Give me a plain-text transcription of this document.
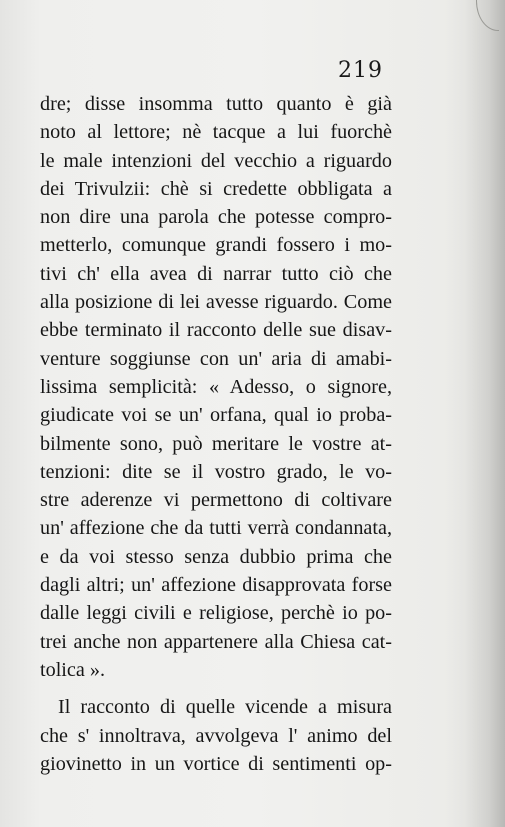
219
dre; disse insomma tutto quanto è già
noto al lettore; nè tacque a lui fuorchè
le male intenzioni del vecchio a riguardo
dei Trivulzii: chè si credette obbligata a
non dire una parola che potesse compro-
metterlo, comunque grandi fossero i mo-
tivi ch' ella avea di narrar tutto ciò che
alla posizione di lei avesse riguardo. Come
ebbe terminato il racconto delle sue disav-
venture soggiunse con un' aria di amabi-
lissima semplicità: « Adesso, o signore,
giudicate voi se un' orfana, qual io proba-
bilmente sono, può meritare le vostre at-
tenzioni: dite se il vostro grado, le vo-
stre aderenze vi permettono di coltivare
un' affezione che da tutti verrà condannata,
e da voi stesso senza dubbio prima che
dagli altri; un' affezione disapprovata forse
dalle leggi civili e religiose, perchè io po-
trei anche non appartenere alla Chiesa cat-
tolica ».
Il racconto di quelle vicende a misura
che s' innoltrava, avvolgeva l' animo del
giovinetto in un vortice di sentimenti op-
